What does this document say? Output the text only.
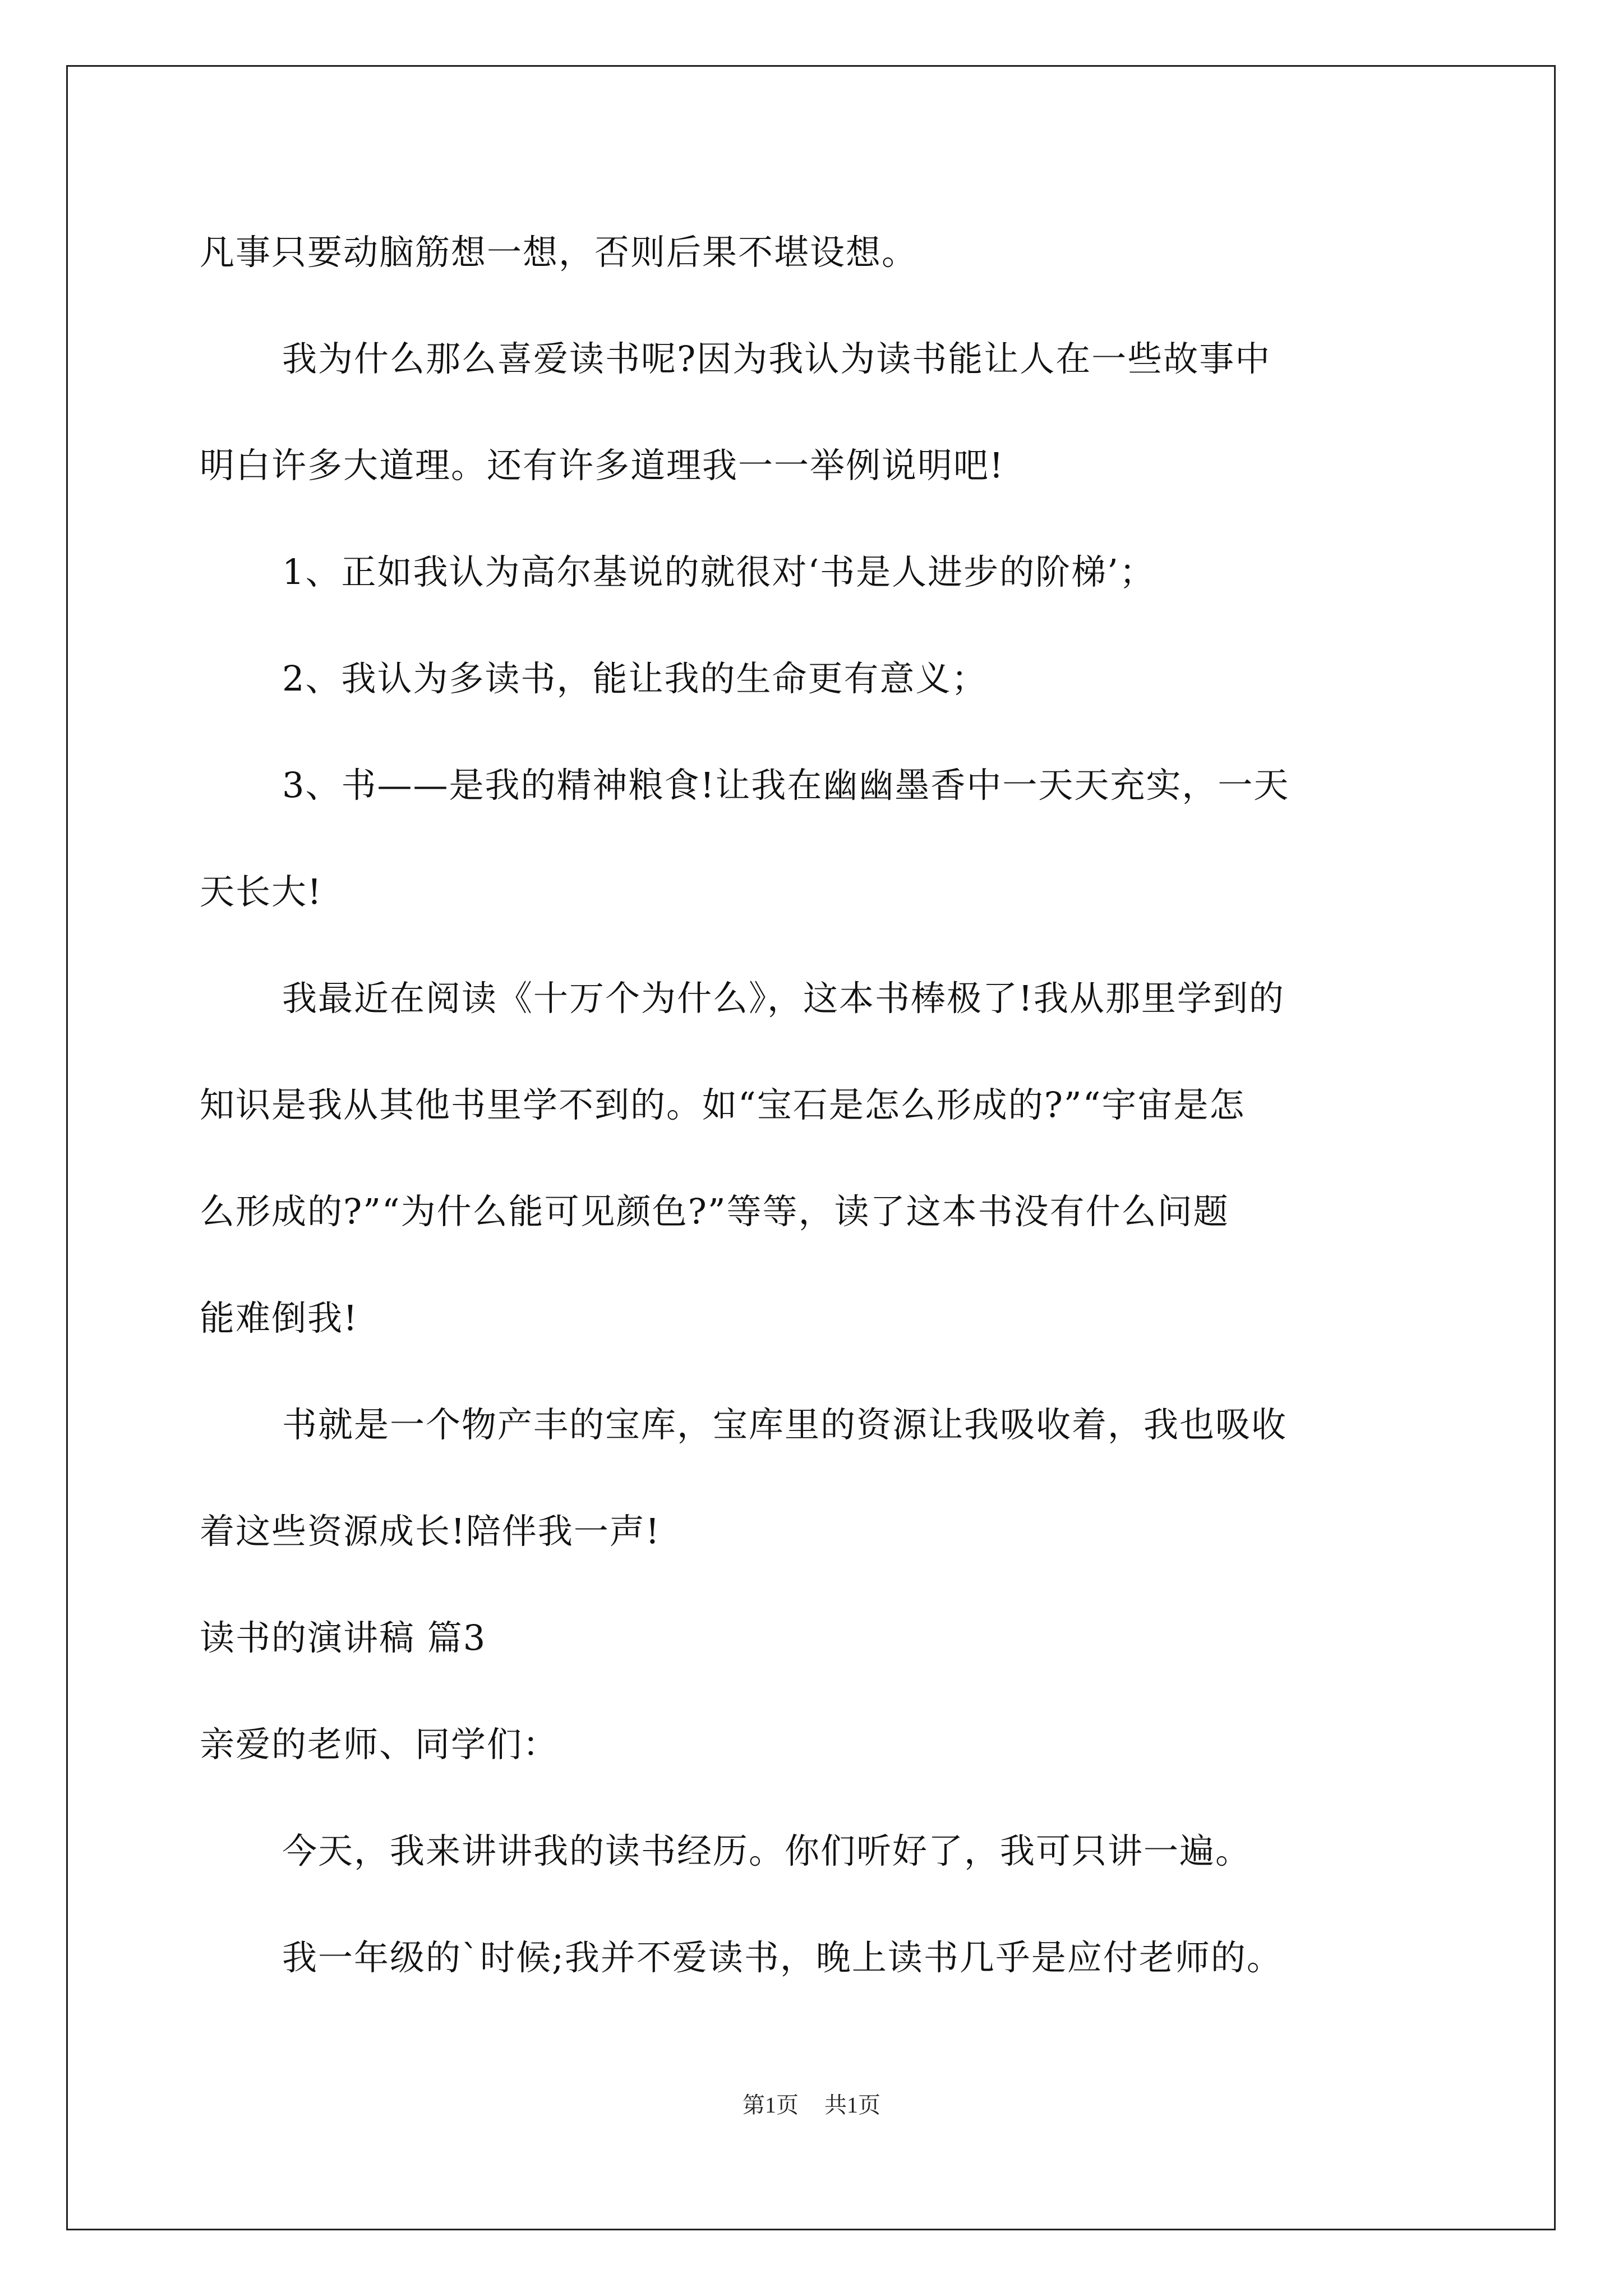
凡事只要动脑筋想一想，否则后果不堪设想。
我为什么那么喜爱读书呢?因为我认为读书能让人在一些故事中
明白许多大道理。还有许多道理我一一举例说明吧!
1、正如我认为高尔基说的就很对‘书是人进步的阶梯’；
2、我认为多读书，能让我的生命更有意义；
3、书——是我的精神粮食!让我在幽幽墨香中一天天充实，一天
天长大!
我最近在阅读《十万个为什么》，这本书棒极了!我从那里学到的
知识是我从其他书里学不到的。如“宝石是怎么形成的?”“宇宙是怎
么形成的?”“为什么能可见颜色?”等等，读了这本书没有什么问题
能难倒我!
书就是一个物产丰的宝库，宝库里的资源让我吸收着，我也吸收
着这些资源成长!陪伴我一声!
读书的演讲稿 篇3
亲爱的老师、同学们：
今天，我来讲讲我的读书经历。你们听好了，我可只讲一遍。
我一年级的`时候;我并不爱读书，晚上读书几乎是应付老师的。
第1页 共1页
